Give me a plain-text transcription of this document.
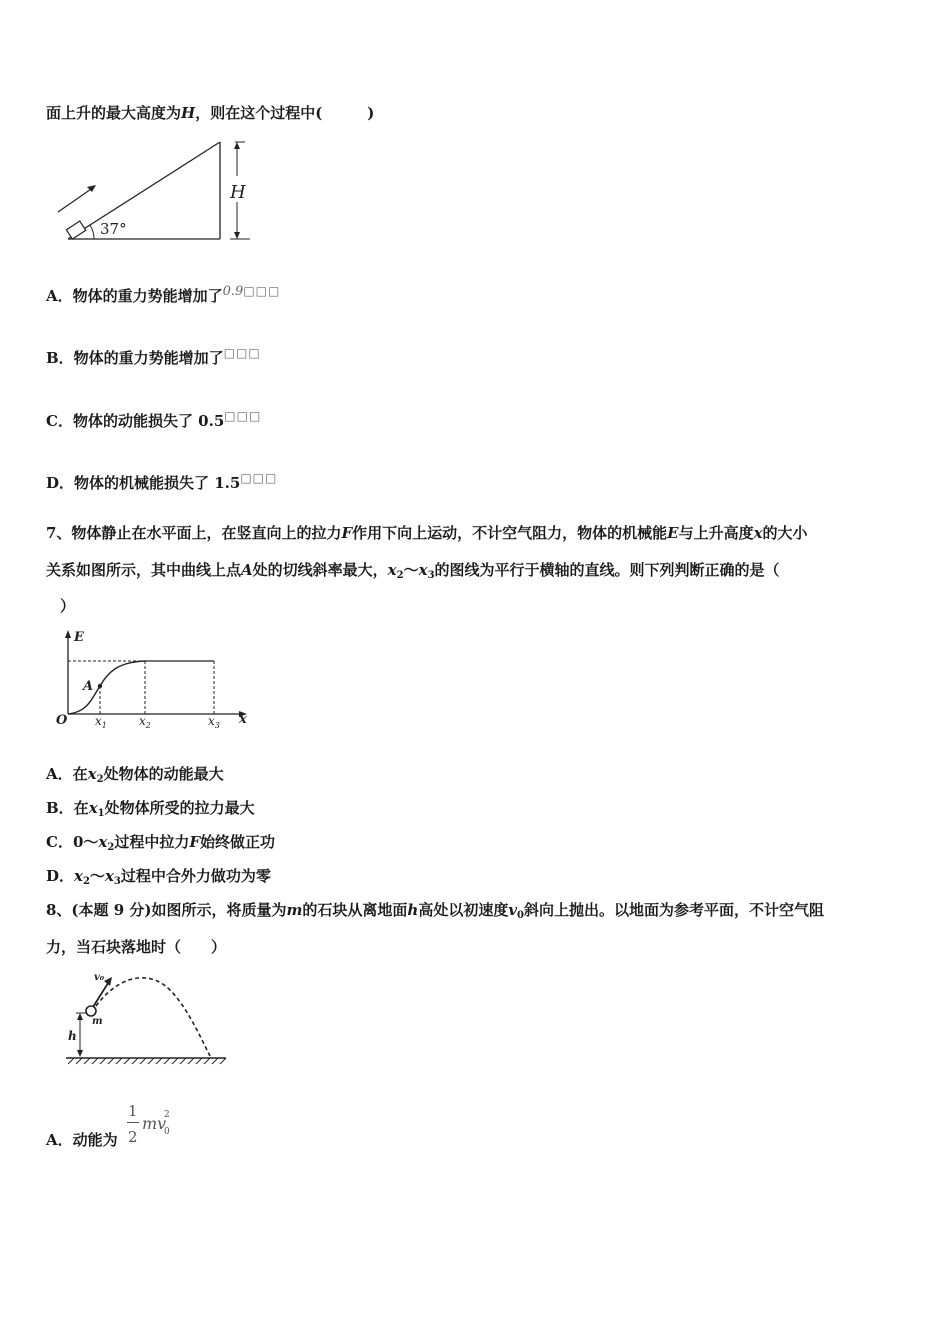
面上升的最大高度为H，则在这个过程中(　　　)
37°
H
A．物体的重力势能增加了0.9□□□
B．物体的重力势能增加了□□□
C．物体的动能损失了 0.5□□□
D．物体的机械能损失了 1.5□□□
7、物体静止在水平面上，在竖直向上的拉力F作用下向上运动，不计空气阻力，物体的机械能E与上升高度x的大小
关系如图所示，其中曲线上点A处的切线斜率最大，$x_2\sim x_3$的图线为平行于横轴的直线。则下列判断正确的是（
）
E
x
O
A
$x_1$	$x_2$	$x_3$
A．在$x_2$处物体的动能最大
B．在$x_1$处物体所受的拉力最大
C．$0\sim x_2$过程中拉力F始终做正功
D．$x_2\sim x_3$过程中合外力做功为零
8、(本题 9 分)如图所示，将质量为m的石块从离地面h高处以初速度$v_0$斜向上抛出。以地面为参考平面，不计空气阻
力，当石块落地时（　　）
h
m
v₀
A．动能为
1
2
mv
2
0
